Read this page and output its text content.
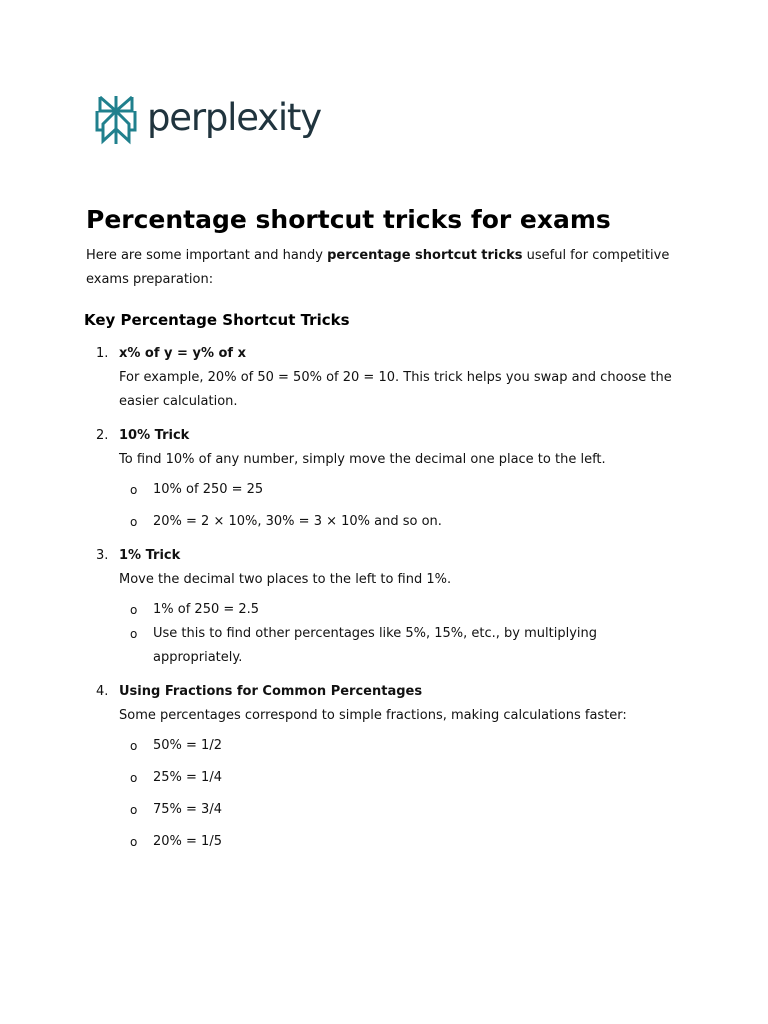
perplexity
Percentage shortcut tricks for exams

Here are some important and handy percentage shortcut tricks useful for competitive exams preparation:

Key Percentage Shortcut Tricks
1. x% of y = y% of x
For example, 20% of 50 = 50% of 20 = 10. This trick helps you swap and choose the easier calculation.
2. 10% Trick
To find 10% of any number, simply move the decimal one place to the left.
o 10% of 250 = 25
o 20% = 2 × 10%, 30% = 3 × 10% and so on.
3. 1% Trick
Move the decimal two places to the left to find 1%.
o 1% of 250 = 2.5
o Use this to find other percentages like 5%, 15%, etc., by multiplying appropriately.
4. Using Fractions for Common Percentages
Some percentages correspond to simple fractions, making calculations faster:
o 50% = 1/2
o 25% = 1/4
o 75% = 3/4
o 20% = 1/5
